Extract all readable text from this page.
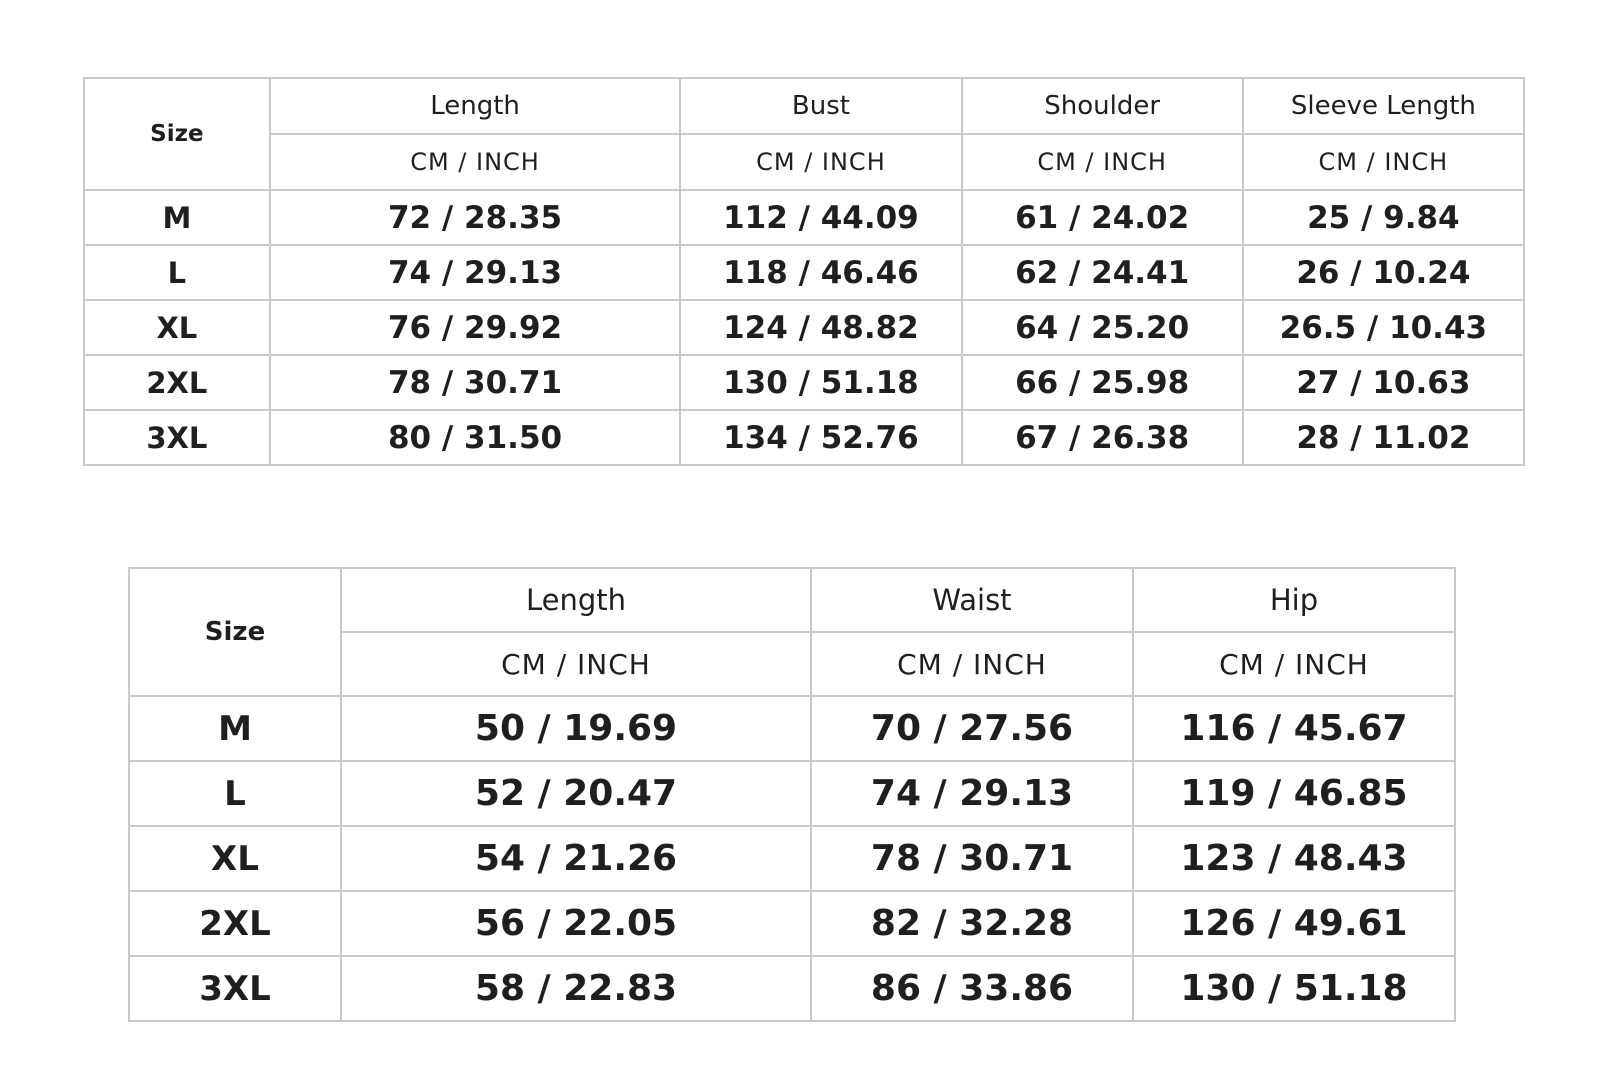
Size	Length	Bust	Shoulder	Sleeve Length
	CM / INCH	CM / INCH	CM / INCH	CM / INCH
M	72 / 28.35	112 / 44.09	61 / 24.02	25 / 9.84
L	74 / 29.13	118 / 46.46	62 / 24.41	26 / 10.24
XL	76 / 29.92	124 / 48.82	64 / 25.20	26.5 / 10.43
2XL	78 / 30.71	130 / 51.18	66 / 25.98	27 / 10.63
3XL	80 / 31.50	134 / 52.76	67 / 26.38	28 / 11.02
Size	Length	Waist	Hip
	CM / INCH	CM / INCH	CM / INCH
M	50 / 19.69	70 / 27.56	116 / 45.67
L	52 / 20.47	74 / 29.13	119 / 46.85
XL	54 / 21.26	78 / 30.71	123 / 48.43
2XL	56 / 22.05	82 / 32.28	126 / 49.61
3XL	58 / 22.83	86 / 33.86	130 / 51.18
